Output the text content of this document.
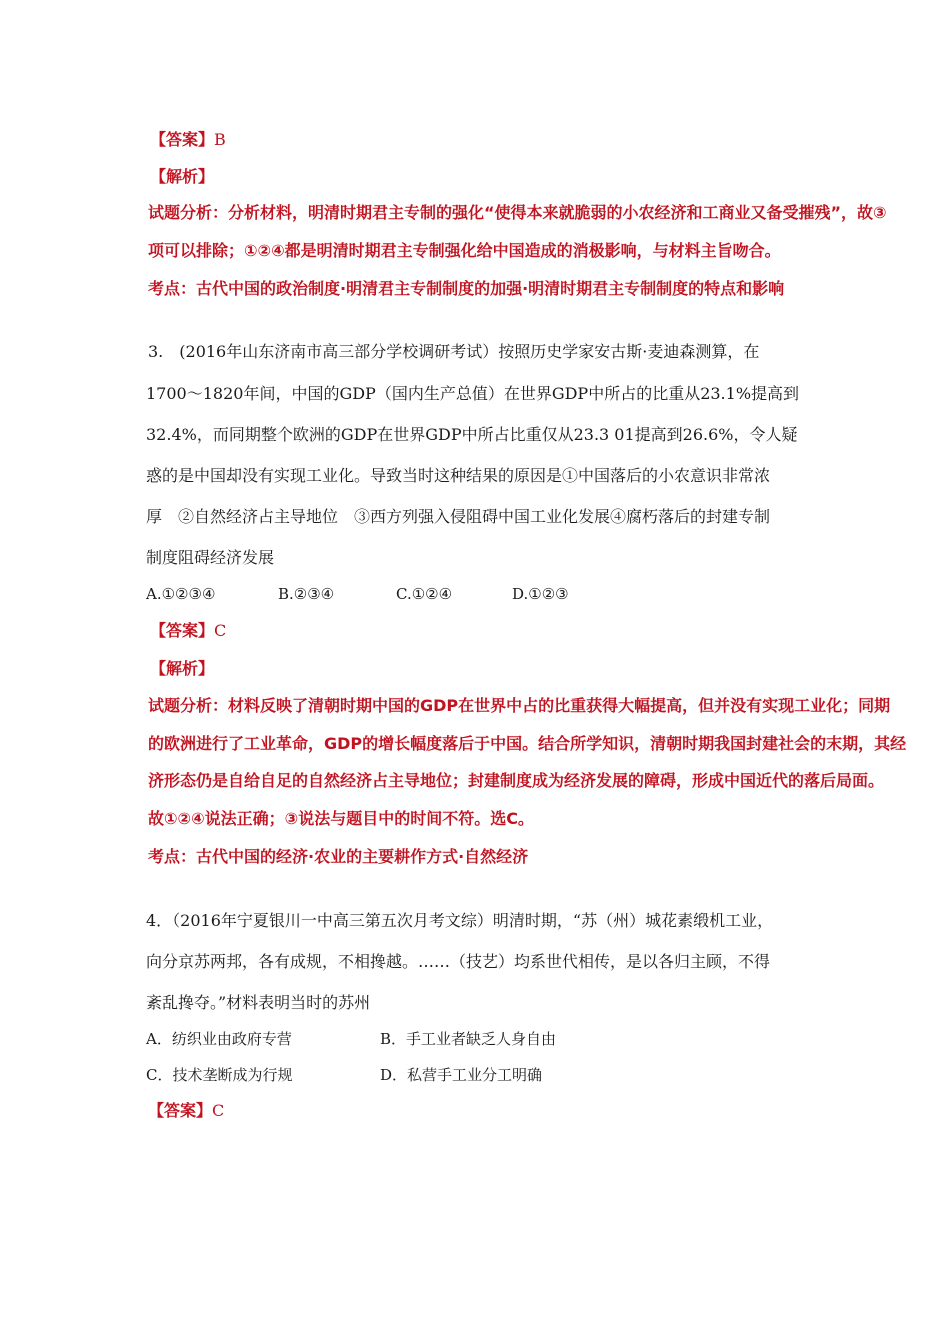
【答案】B
【解析】
试题分析：分析材料，明清时期君主专制的强化“使得本来就脆弱的小农经济和工商业又备受摧残”，故③
项可以排除；①②④都是明清时期君主专制强化给中国造成的消极影响，与材料主旨吻合。
考点：古代中国的政治制度·明清君主专制制度的加强·明清时期君主专制制度的特点和影响
3.　(2016年山东济南市高三部分学校调研考试）按照历史学家安古斯·麦迪森测算，在
1700～1820年间，中国的GDP（国内生产总值）在世界GDP中所占的比重从23.1%提高到
32.4%，而同期整个欧洲的GDP在世界GDP中所占比重仅从23.3 01提高到26.6%，令人疑
惑的是中国却没有实现工业化。导致当时这种结果的原因是①中国落后的小农意识非常浓
厚　②自然经济占主导地位　③西方列强入侵阻碍中国工业化发展④腐朽落后的封建专制
制度阻碍经济发展
A.①②③④	B.②③④	C.①②④	D.①②③
【答案】C
【解析】
试题分析：材料反映了清朝时期中国的GDP在世界中占的比重获得大幅提高，但并没有实现工业化；同期
的欧洲进行了工业革命，GDP的增长幅度落后于中国。结合所学知识，清朝时期我国封建社会的末期，其经
济形态仍是自给自足的自然经济占主导地位；封建制度成为经济发展的障碍，形成中国近代的落后局面。
故①②④说法正确；③说法与题目中的时间不符。选C。
考点：古代中国的经济·农业的主要耕作方式·自然经济
4．（2016年宁夏银川一中高三第五次月考文综）明清时期，“苏（州）城花素缎机工业，
向分京苏两邦，各有成规，不相搀越。……（技艺）均系世代相传，是以各归主顾，不得
紊乱搀夺。”材料表明当时的苏州
A．纺织业由政府专营	B．手工业者缺乏人身自由
C．技术垄断成为行规	D．私营手工业分工明确
【答案】C
